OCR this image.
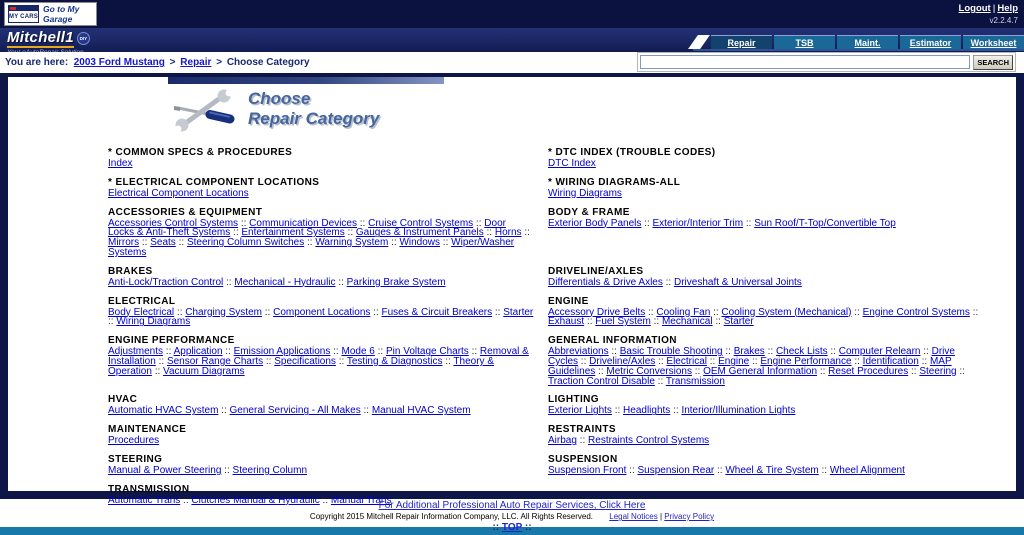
MY CARS
Go to My Garage
Logout | Help
v2.2.4.7
Mitchell1 DIY	Repair	TSB	Maint.	Estimator	Worksheet
You are here: 2003 Ford Mustang > Repair > Choose Category	SEARCH
Choose
Repair Category
* COMMON SPECS & PROCEDURES
Index
* DTC INDEX (TROUBLE CODES)
DTC Index
* ELECTRICAL COMPONENT LOCATIONS
Electrical Component Locations
* WIRING DIAGRAMS-ALL
Wiring Diagrams
ACCESSORIES & EQUIPMENT
Accessories Control Systems :: Communication Devices :: Cruise Control Systems :: Door Locks & Anti-Theft Systems :: Entertainment Systems :: Gauges & Instrument Panels :: Horns :: Mirrors :: Seats :: Steering Column Switches :: Warning System :: Windows :: Wiper/Washer Systems
BODY & FRAME
Exterior Body Panels :: Exterior/Interior Trim :: Sun Roof/T-Top/Convertible Top
BRAKES
Anti-Lock/Traction Control :: Mechanical - Hydraulic :: Parking Brake System
DRIVELINE/AXLES
Differentials & Drive Axles :: Driveshaft & Universal Joints
ELECTRICAL
Body Electrical :: Charging System :: Component Locations :: Fuses & Circuit Breakers :: Starter :: Wiring Diagrams
ENGINE
Accessory Drive Belts :: Cooling Fan :: Cooling System (Mechanical) :: Engine Control Systems :: Exhaust :: Fuel System :: Mechanical :: Starter
ENGINE PERFORMANCE
Adjustments :: Application :: Emission Applications :: Mode 6 :: Pin Voltage Charts :: Removal & Installation :: Sensor Range Charts :: Specifications :: Testing & Diagnostics :: Theory & Operation :: Vacuum Diagrams
GENERAL INFORMATION
Abbreviations :: Basic Trouble Shooting :: Brakes :: Check Lists :: Computer Relearn :: Drive Cycles :: Driveline/Axles :: Electrical :: Engine :: Engine Performance :: Identification :: MAP Guidelines :: Metric Conversions :: OEM General Information :: Reset Procedures :: Steering :: Traction Control Disable :: Transmission
HVAC
Automatic HVAC System :: General Servicing - All Makes :: Manual HVAC System
LIGHTING
Exterior Lights :: Headlights :: Interior/Illumination Lights
MAINTENANCE
Procedures
RESTRAINTS
Airbag :: Restraints Control Systems
STEERING
Manual & Power Steering :: Steering Column
SUSPENSION
Suspension Front :: Suspension Rear :: Wheel & Tire System :: Wheel Alignment
TRANSMISSION
Automatic Trans :: Clutches Manual & Hydraulic :: Manual Trans
For Additional Professional Auto Repair Services, Click Here
Copyright 2015 Mitchell Repair Information Company, LLC. All Rights Reserved. Legal Notices | Privacy Policy
:: TOP ::
